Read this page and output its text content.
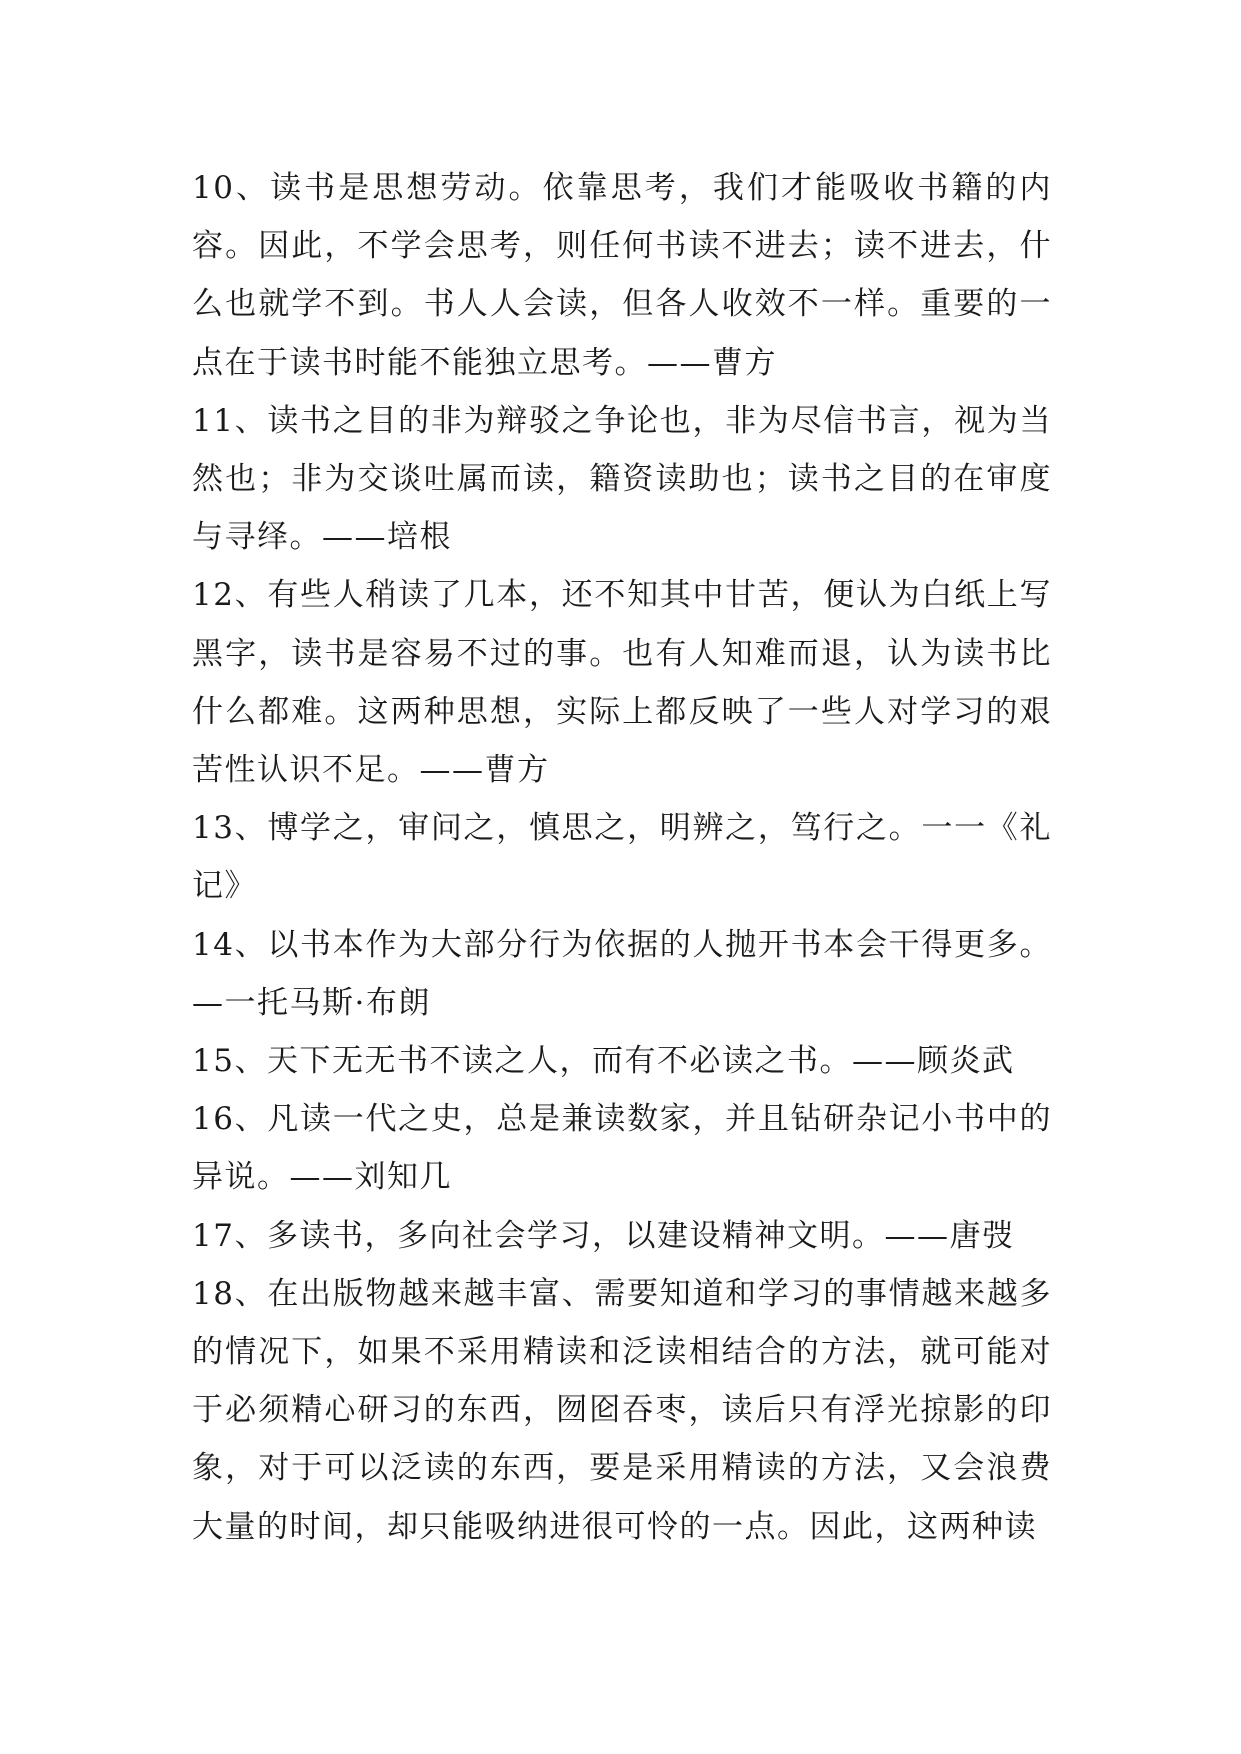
10、读书是思想劳动。依靠思考，我们才能吸收书籍的内容。因此，不学会思考，则任何书读不进去；读不进去，什么也就学不到。书人人会读，但各人收效不一样。重要的一点在于读书时能不能独立思考。——曹方

11、读书之目的非为辩驳之争论也，非为尽信书言，视为当然也；非为交谈吐属而读，籍资读助也；读书之目的在审度与寻绎。——培根

12、有些人稍读了几本，还不知其中甘苦，便认为白纸上写黑字，读书是容易不过的事。也有人知难而退，认为读书比什么都难。这两种思想，实际上都反映了一些人对学习的艰苦性认识不足。——曹方

13、博学之，审问之，慎思之，明辨之，笃行之。一一《礼记》

14、以书本作为大部分行为依据的人抛开书本会干得更多。—一托马斯·布朗

15、天下无无书不读之人，而有不必读之书。——顾炎武

16、凡读一代之史，总是兼读数家，并且钻研杂记小书中的异说。——刘知几

17、多读书，多向社会学习，以建设精神文明。——唐弢

18、在出版物越来越丰富、需要知道和学习的事情越来越多的情况下，如果不采用精读和泛读相结合的方法，就可能对于必须精心研习的东西，囫囵吞枣，读后只有浮光掠影的印象，对于可以泛读的东西，要是采用精读的方法，又会浪费大量的时间，却只能吸纳进很可怜的一点。因此，这两种读
